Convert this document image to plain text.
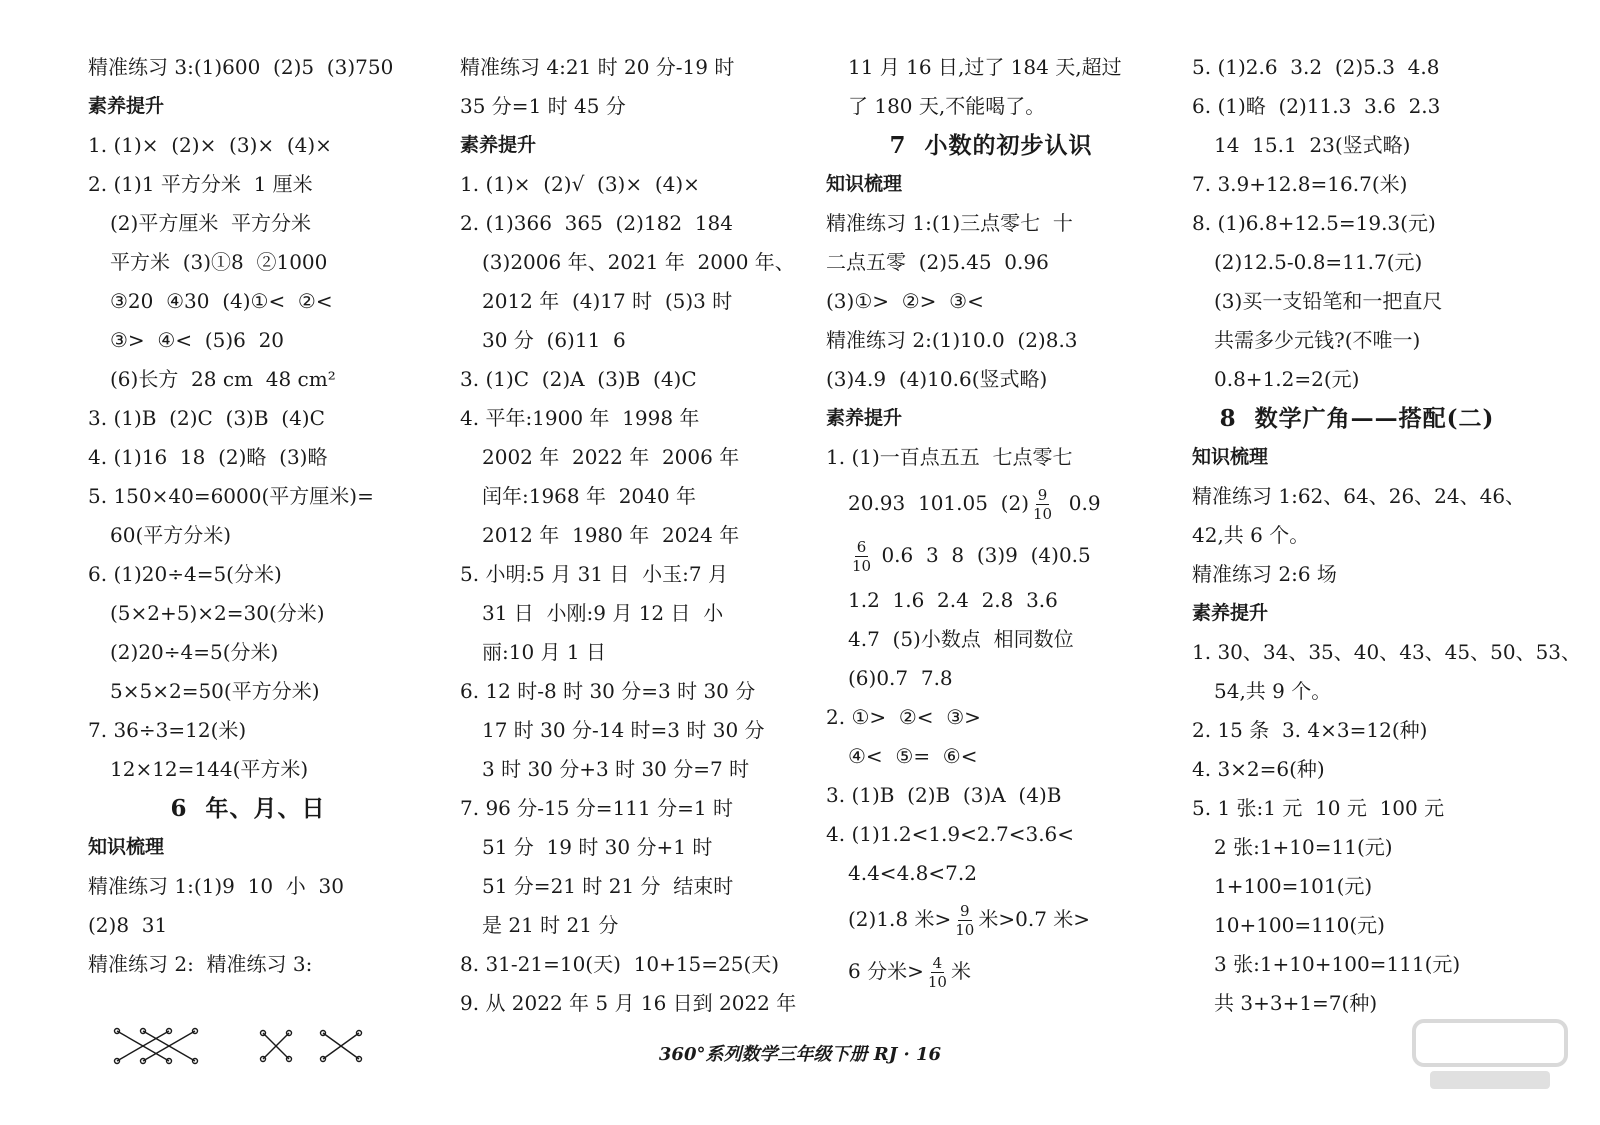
精准练习 3:(1)600  (2)5  (3)750
素养提升
1. (1)×  (2)×  (3)×  (4)×
2. (1)1 平方分米  1 厘米
(2)平方厘米  平方分米
平方米  (3)①8  ②1000
③20  ④30  (4)①<  ②<
③>  ④<  (5)6  20
(6)长方  28 cm  48 cm²
3. (1)B  (2)C  (3)B  (4)C
4. (1)16  18  (2)略  (3)略
5. 150×40=6000(平方厘米)=
60(平方分米)
6. (1)20÷4=5(分米)
(5×2+5)×2=30(分米)
(2)20÷4=5(分米)
5×5×2=50(平方分米)
7. 36÷3=12(米)
12×12=144(平方米)
6  年、月、日
知识梳理
精准练习 1:(1)9  10  小  30
(2)8  31
精准练习 2:  精准练习 3:

精准练习 4:21 时 20 分-19 时
35 分=1 时 45 分
素养提升
1. (1)×  (2)√  (3)×  (4)×
2. (1)366  365  (2)182  184
(3)2006 年、2021 年  2000 年、
2012 年  (4)17 时  (5)3 时
30 分  (6)11  6
3. (1)C  (2)A  (3)B  (4)C
4. 平年:1900 年  1998 年
2002 年  2022 年  2006 年
闰年:1968 年  2040 年
2012 年  1980 年  2024 年
5. 小明:5 月 31 日  小玉:7 月
31 日  小刚:9 月 12 日  小
丽:10 月 1 日
6. 12 时-8 时 30 分=3 时 30 分
17 时 30 分-14 时=3 时 30 分
3 时 30 分+3 时 30 分=7 时
7. 96 分-15 分=111 分=1 时
51 分  19 时 30 分+1 时
51 分=21 时 21 分  结束时
是 21 时 21 分
8. 31-21=10(天)  10+15=25(天)
9. 从 2022 年 5 月 16 日到 2022 年
11 月 16 日,过了 184 天,超过
了 180 天,不能喝了。
7  小数的初步认识
知识梳理
精准练习 1:(1)三点零七  十
二点五零  (2)5.45  0.96
(3)①>  ②>  ③<
精准练习 2:(1)10.0  (2)8.3
(3)4.9  (4)10.6(竖式略)
素养提升
1. (1)一百点五五  七点零七
20.93  101.05  $(2) \frac{9}{10} 0.9$
$\frac{6}{10} 0.6$  3  8  (3)9  (4)0.5
1.2  1.6  2.4  2.8  3.6
4.7  (5)小数点  相同数位
(6)0.7  7.8
2. ①>  ②<  ③>
④<  ⑤=  ⑥<
3. (1)B  (2)B  (3)A  (4)B
4. (1)1.2<1.9<2.7<3.6<
4.4<4.8<7.2
(2)1.8 米> $\frac{9}{10}$ 米>0.7 米>
6 分米> $\frac{4}{10}$ 米
5. (1)2.6  3.2  (2)5.3  4.8
6. (1)略  (2)11.3  3.6  2.3
14  15.1  23(竖式略)
7. 3.9+12.8=16.7(米)
8. (1)6.8+12.5=19.3(元)
(2)12.5-0.8=11.7(元)
(3)买一支铅笔和一把直尺
共需多少元钱?(不唯一)
0.8+1.2=2(元)
8  数学广角——搭配(二)
知识梳理
精准练习 1:62、64、26、24、46、
42,共 6 个。
精准练习 2:6 场
素养提升
1. 30、34、35、40、43、45、50、53、
54,共 9 个。
2. 15 条  3. 4×3=12(种)
4. 3×2=6(种)
5. 1 张:1 元  10 元  100 元
2 张:1+10=11(元)
1+100=101(元)
10+100=110(元)
3 张:1+10+100=111(元)
共 3+3+1=7(种)
360°系列数学三年级下册 RJ · 16
